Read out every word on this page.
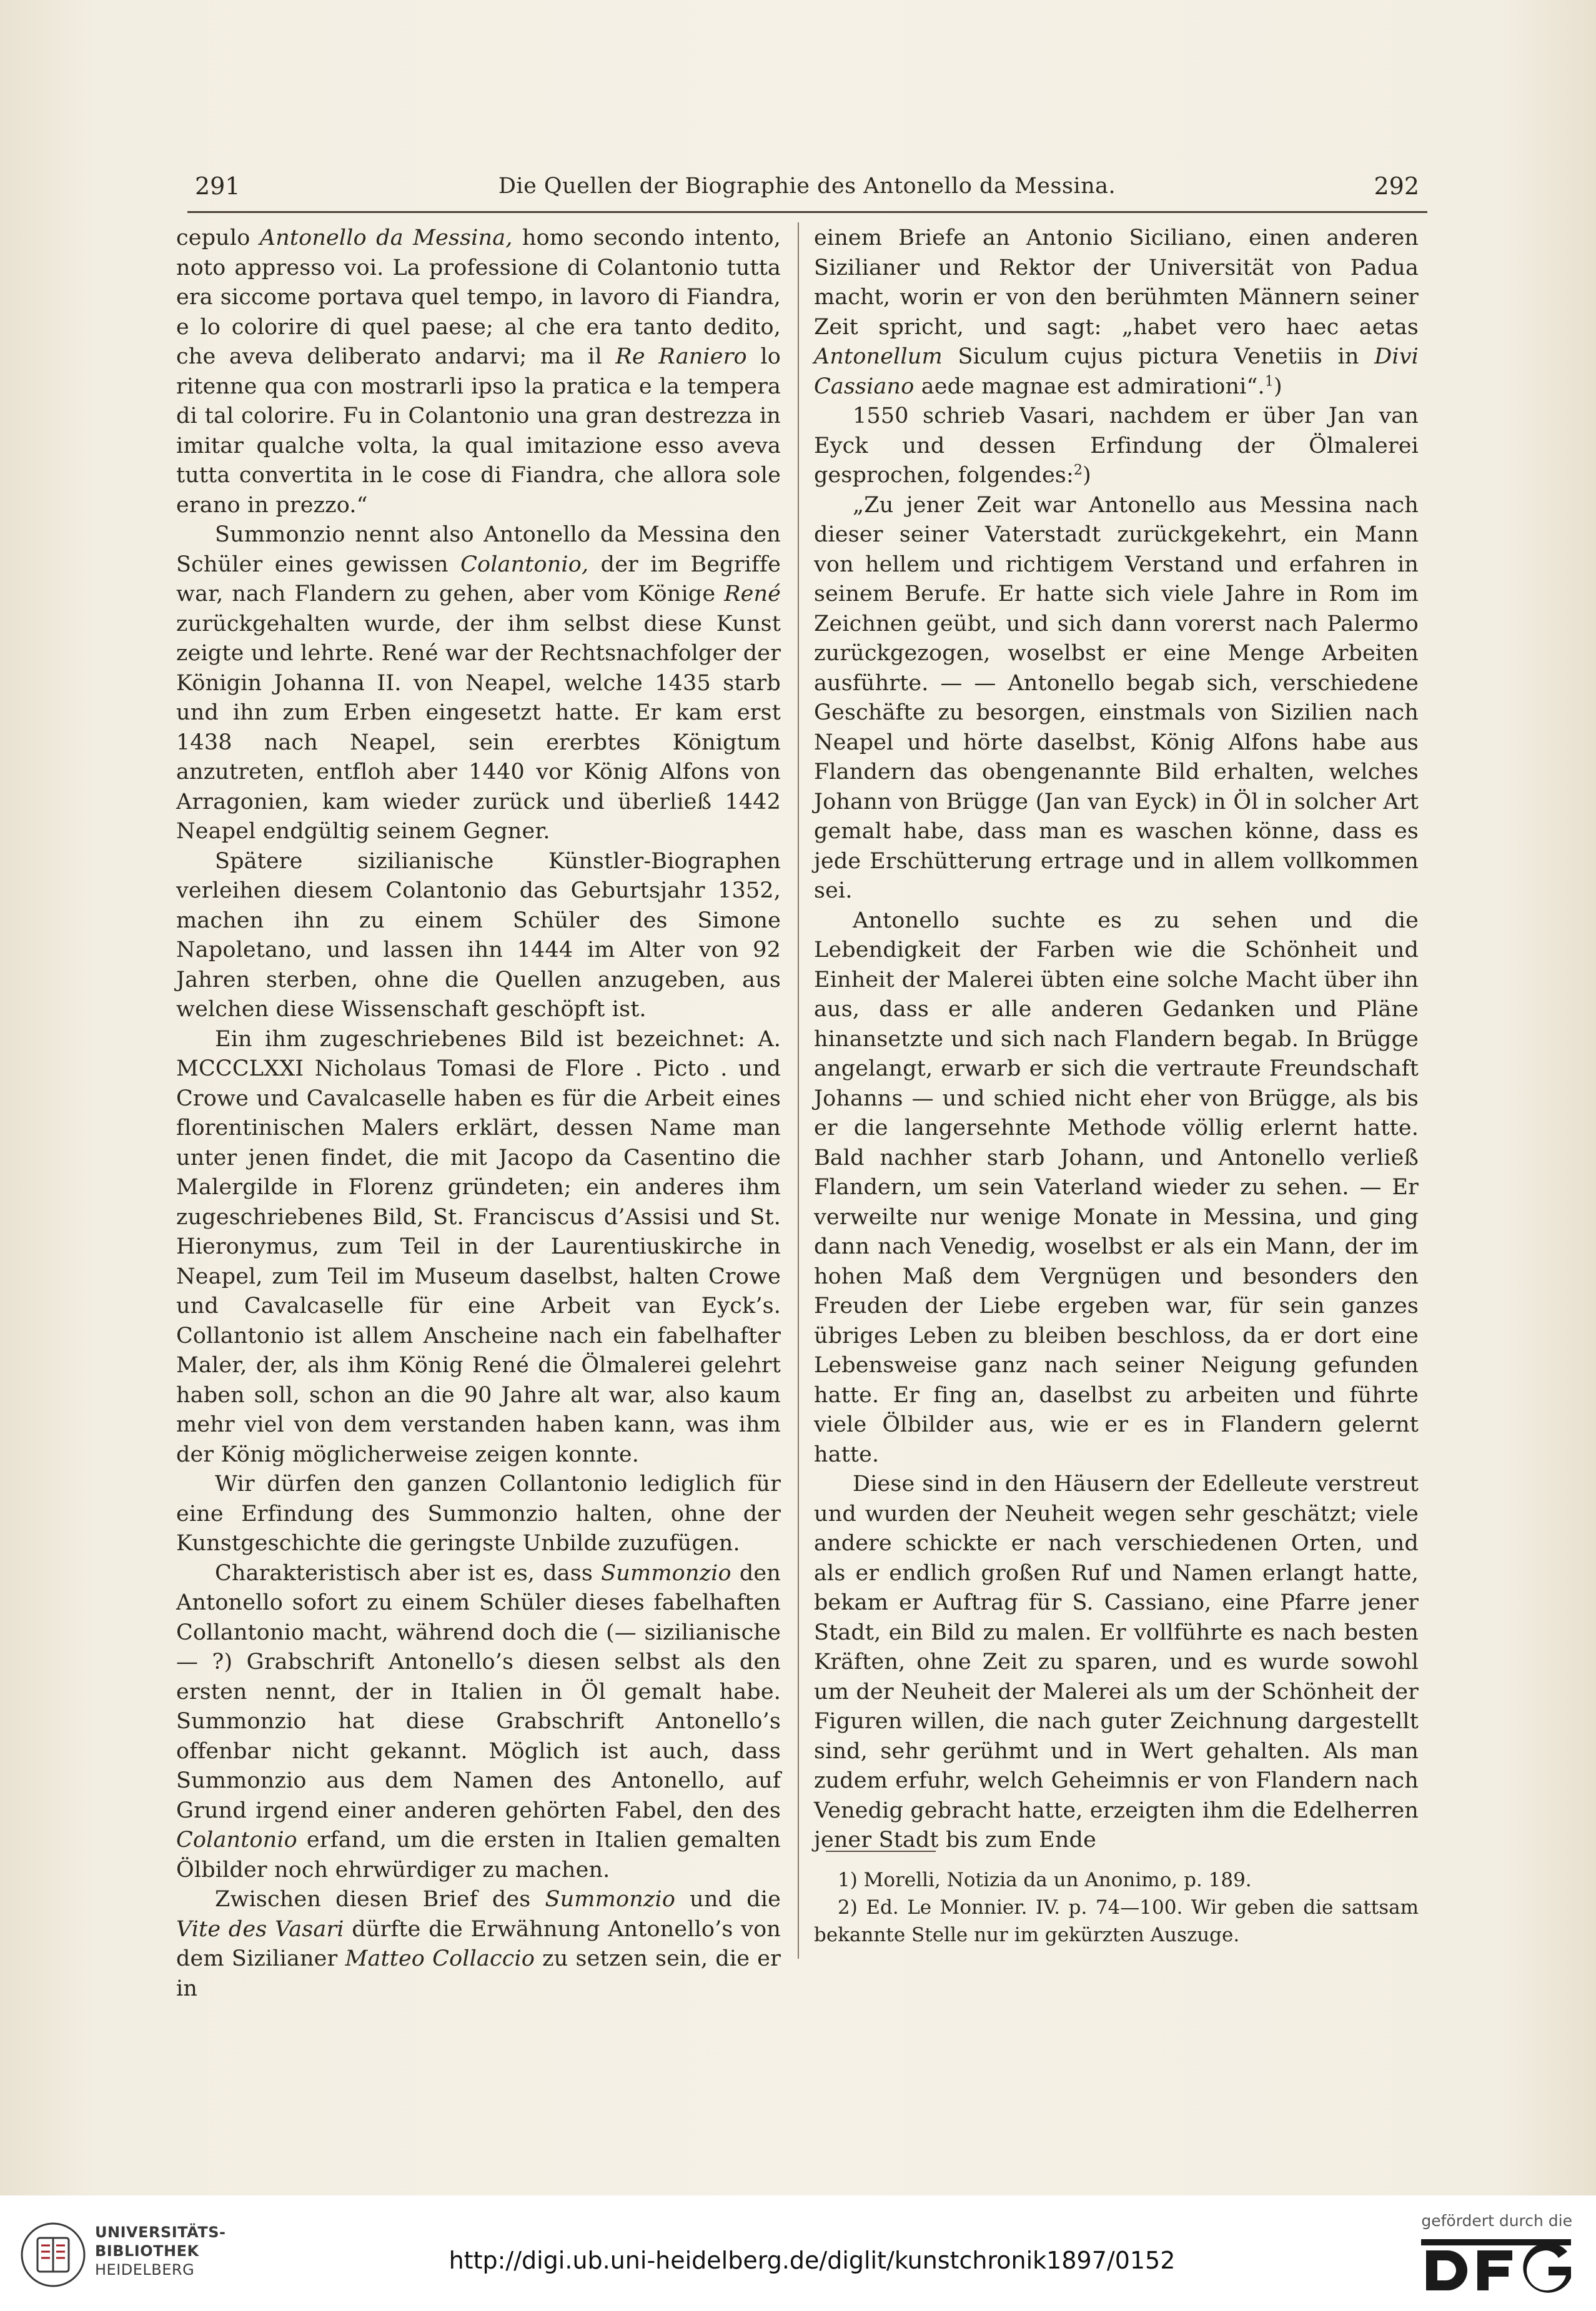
291	Die Quellen der Biographie des Antonello da Messina.	292

cepulo Antonello da Messina, homo secondo intento, noto appresso voi. La professione di Colantonio tutta era siccome portava quel tempo, in lavoro di Fiandra, e lo colorire di quel paese; al che era tanto dedito, che aveva deliberato andarvi; ma il Re Raniero lo ritenne qua con mostrarli ipso la pratica e la tempera di tal colorire. Fu in Colantonio una gran destrezza in imitar qualche volta, la qual imitazione esso aveva tutta convertita in le cose di Fiandra, che allora sole erano in prezzo.“

Summonzio nennt also Antonello da Messina den Schüler eines gewissen Colantonio, der im Begriffe war, nach Flandern zu gehen, aber vom Könige René zurückgehalten wurde, der ihm selbst diese Kunst zeigte und lehrte. René war der Rechtsnachfolger der Königin Johanna II. von Neapel, welche 1435 starb und ihn zum Erben eingesetzt hatte. Er kam erst 1438 nach Neapel, sein ererbtes Königtum anzutreten, entfloh aber 1440 vor König Alfons von Arragonien, kam wieder zurück und überließ 1442 Neapel endgültig seinem Gegner.

Spätere sizilianische Künstler-Biographen verleihen diesem Colantonio das Geburtsjahr 1352, machen ihn zu einem Schüler des Simone Napoletano, und lassen ihn 1444 im Alter von 92 Jahren sterben, ohne die Quellen anzugeben, aus welchen diese Wissenschaft geschöpft ist.

Ein ihm zugeschriebenes Bild ist bezeichnet: A. MCCCLXXI Nicholaus Tomasi de Flore . Picto . und Crowe und Cavalcaselle haben es für die Arbeit eines florentinischen Malers erklärt, dessen Name man unter jenen findet, die mit Jacopo da Casentino die Malergilde in Florenz gründeten; ein anderes ihm zugeschriebenes Bild, St. Franciscus d’Assisi und St. Hieronymus, zum Teil in der Laurentiuskirche in Neapel, zum Teil im Museum daselbst, halten Crowe und Cavalcaselle für eine Arbeit van Eyck’s. Collantonio ist allem Anscheine nach ein fabelhafter Maler, der, als ihm König René die Ölmalerei gelehrt haben soll, schon an die 90 Jahre alt war, also kaum mehr viel von dem verstanden haben kann, was ihm der König möglicherweise zeigen konnte.

Wir dürfen den ganzen Collantonio lediglich für eine Erfindung des Summonzio halten, ohne der Kunstgeschichte die geringste Unbilde zuzufügen.

Charakteristisch aber ist es, dass Summonzio den Antonello sofort zu einem Schüler dieses fabelhaften Collantonio macht, während doch die (— sizilianische — ?) Grabschrift Antonello’s diesen selbst als den ersten nennt, der in Italien in Öl gemalt habe. Summonzio hat diese Grabschrift Antonello’s offenbar nicht gekannt. Möglich ist auch, dass Summonzio aus dem Namen des Antonello, auf Grund irgend einer anderen gehörten Fabel, den des Colantonio erfand, um die ersten in Italien gemalten Ölbilder noch ehrwürdiger zu machen.

Zwischen diesen Brief des Summonzio und die Vite des Vasari dürfte die Erwähnung Antonello’s von dem Sizilianer Matteo Collaccio zu setzen sein, die er in

einem Briefe an Antonio Siciliano, einen anderen Sizilianer und Rektor der Universität von Padua macht, worin er von den berühmten Männern seiner Zeit spricht, und sagt: „habet vero haec aetas Antonellum Siculum cujus pictura Venetiis in Divi Cassiano aede magnae est admirationi“.$^1$)

1550 schrieb Vasari, nachdem er über Jan van Eyck und dessen Erfindung der Ölmalerei gesprochen, folgendes:$^2$)

„Zu jener Zeit war Antonello aus Messina nach dieser seiner Vaterstadt zurückgekehrt, ein Mann von hellem und richtigem Verstand und erfahren in seinem Berufe. Er hatte sich viele Jahre in Rom im Zeichnen geübt, und sich dann vorerst nach Palermo zurückgezogen, woselbst er eine Menge Arbeiten ausführte. — — Antonello begab sich, verschiedene Geschäfte zu besorgen, einstmals von Sizilien nach Neapel und hörte daselbst, König Alfons habe aus Flandern das obengenannte Bild erhalten, welches Johann von Brügge (Jan van Eyck) in Öl in solcher Art gemalt habe, dass man es waschen könne, dass es jede Erschütterung ertrage und in allem vollkommen sei.

Antonello suchte es zu sehen und die Lebendigkeit der Farben wie die Schönheit und Einheit der Malerei übten eine solche Macht über ihn aus, dass er alle anderen Gedanken und Pläne hinansetzte und sich nach Flandern begab. In Brügge angelangt, erwarb er sich die vertraute Freundschaft Johanns — und schied nicht eher von Brügge, als bis er die langersehnte Methode völlig erlernt hatte. Bald nachher starb Johann, und Antonello verließ Flandern, um sein Vaterland wieder zu sehen. — Er verweilte nur wenige Monate in Messina, und ging dann nach Venedig, woselbst er als ein Mann, der im hohen Maß dem Vergnügen und besonders den Freuden der Liebe ergeben war, für sein ganzes übriges Leben zu bleiben beschloss, da er dort eine Lebensweise ganz nach seiner Neigung gefunden hatte. Er fing an, daselbst zu arbeiten und führte viele Ölbilder aus, wie er es in Flandern gelernt hatte.

Diese sind in den Häusern der Edelleute verstreut und wurden der Neuheit wegen sehr geschätzt; viele andere schickte er nach verschiedenen Orten, und als er endlich großen Ruf und Namen erlangt hatte, bekam er Auftrag für S. Cassiano, eine Pfarre jener Stadt, ein Bild zu malen. Er vollführte es nach besten Kräften, ohne Zeit zu sparen, und es wurde sowohl um der Neuheit der Malerei als um der Schönheit der Figuren willen, die nach guter Zeichnung dargestellt sind, sehr gerühmt und in Wert gehalten. Als man zudem erfuhr, welch Geheimnis er von Flandern nach Venedig gebracht hatte, erzeigten ihm die Edelherren jener Stadt bis zum Ende

1) Morelli, Notizia da un Anonimo, p. 189.

2) Ed. Le Monnier. IV. p. 74—100. Wir geben die sattsam bekannte Stelle nur im gekürzten Auszuge.

UNIVERSITÄTS-
BIBLIOTHEK
HEIDELBERG	http://digi.ub.uni-heidelberg.de/diglit/kunstchronik1897/0152
gefördert durch die
